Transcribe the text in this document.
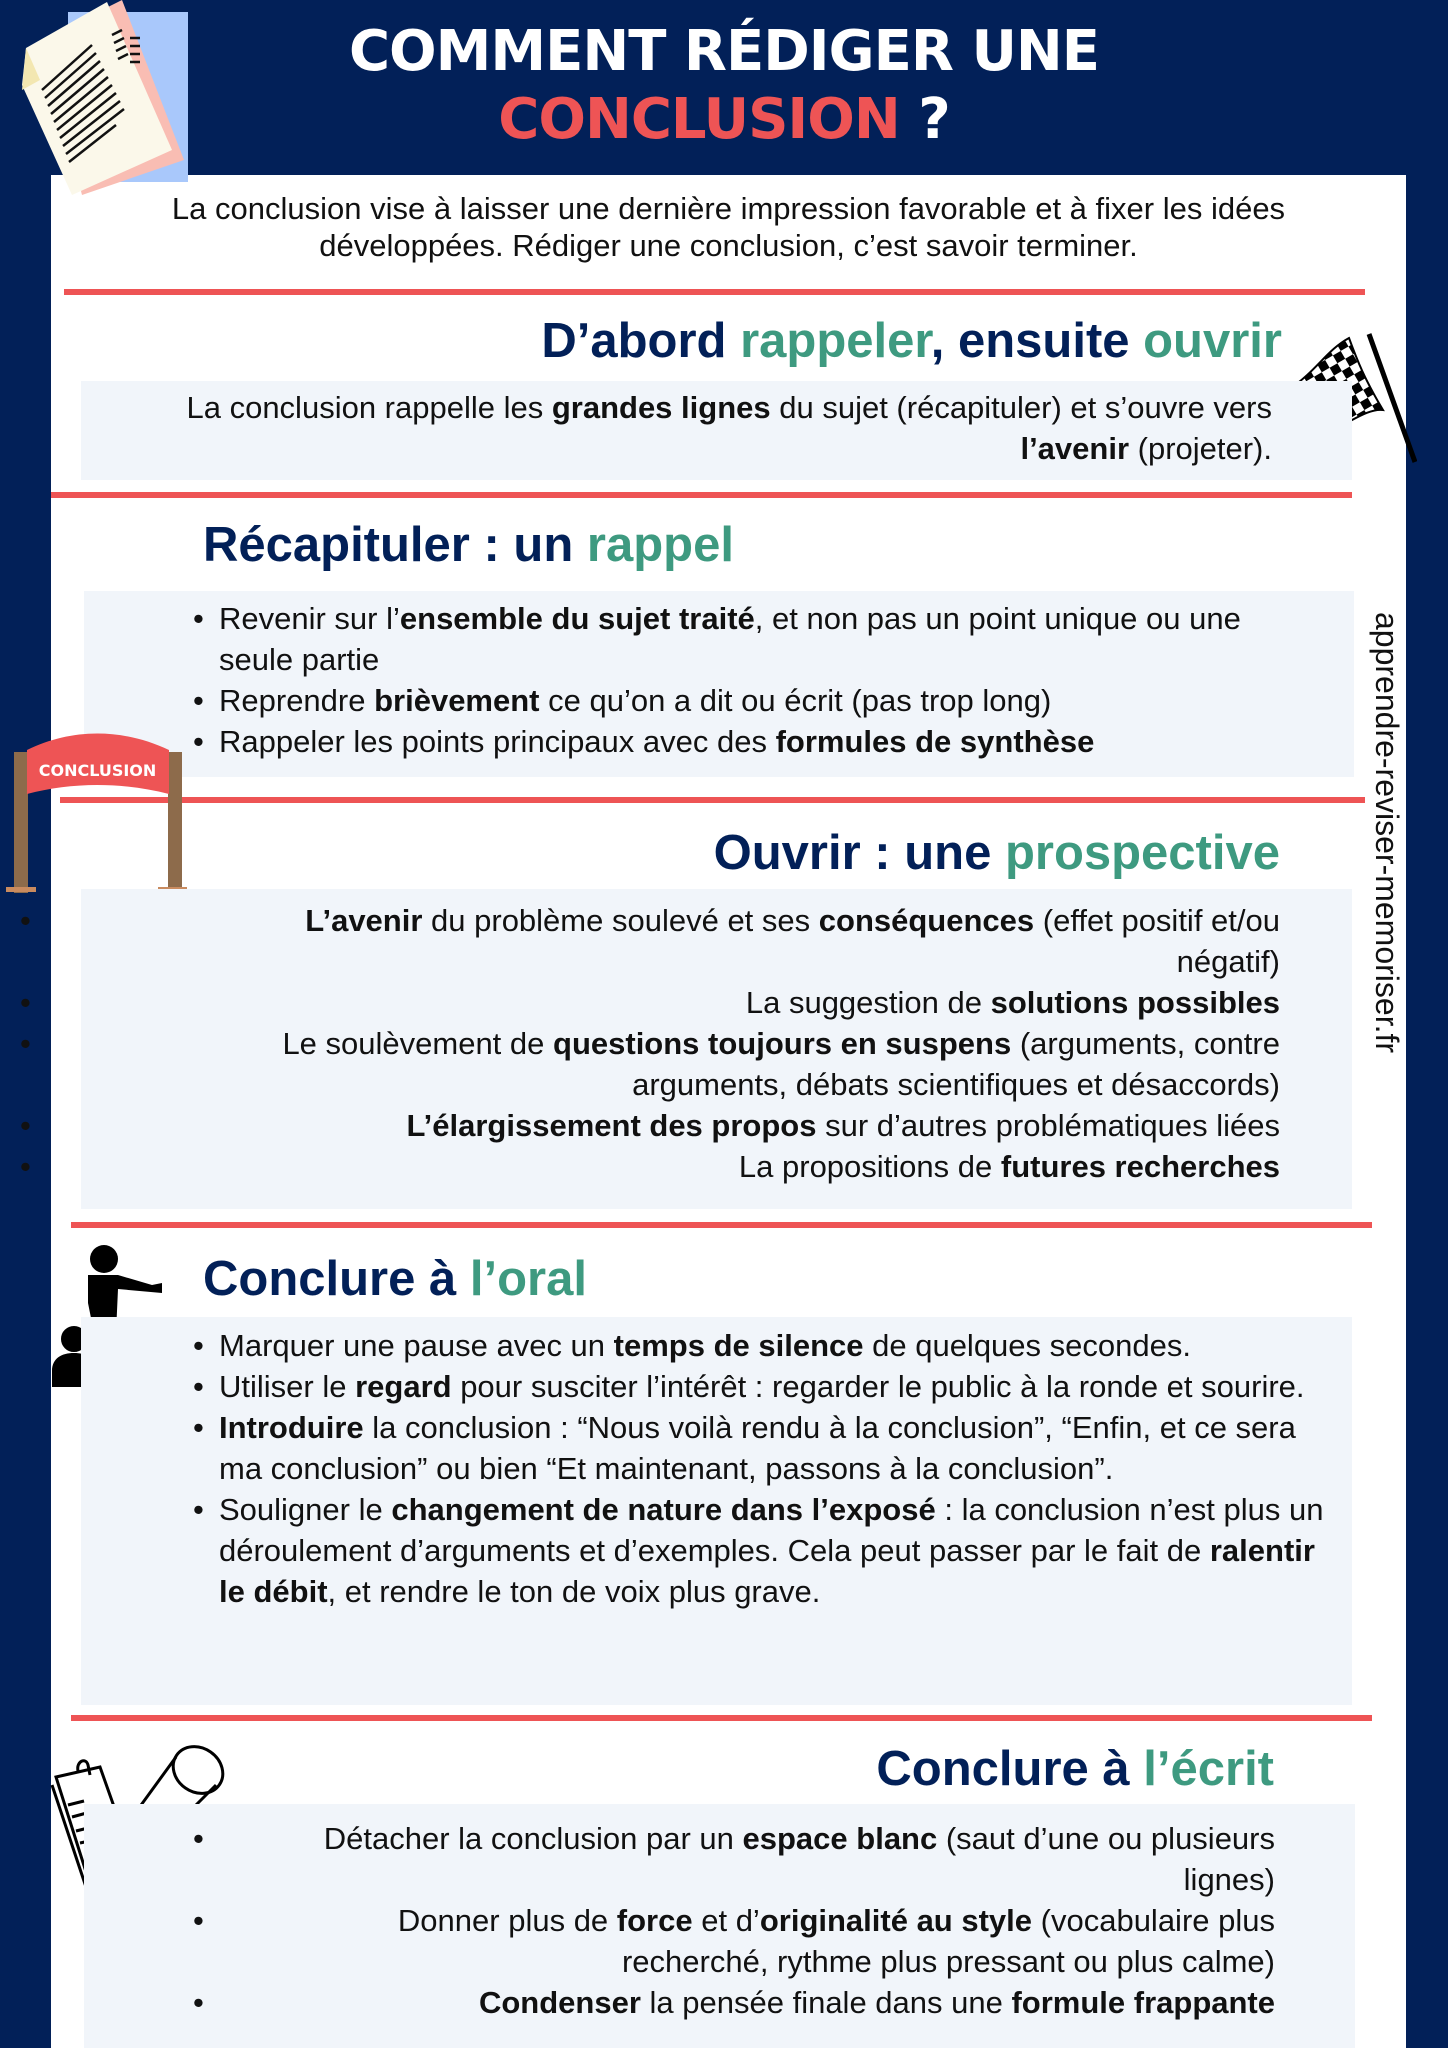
COMMENT RÉDIGER UNE
CONCLUSION ?
La conclusion vise à laisser une dernière impression favorable et à fixer les idées développées. Rédiger une conclusion, c’est savoir terminer.
D’abord rappeler, ensuite ouvrir
La conclusion rappelle les grandes lignes du sujet (récapituler) et s’ouvre vers l’avenir (projeter).
Récapituler : un rappel
• Revenir sur l’ensemble du sujet traité, et non pas un point unique ou une seule partie
• Reprendre brièvement ce qu’on a dit ou écrit (pas trop long)
• Rappeler les points principaux avec des formules de synthèse
CONCLUSION
Ouvrir : une prospective
•	L’avenir du problème soulevé et ses conséquences (effet positif et/ou négatif)
•	La suggestion de solutions possibles
•	Le soulèvement de questions toujours en suspens (arguments, contre arguments, débats scientifiques et désaccords)
•	L’élargissement des propos sur d’autres problématiques liées
•	La propositions de futures recherches
Conclure à l’oral
• Marquer une pause avec un temps de silence de quelques secondes.
• Utiliser le regard pour susciter l’intérêt : regarder le public à la ronde et sourire.
• Introduire la conclusion : “Nous voilà rendu à la conclusion”, “Enfin, et ce sera ma conclusion” ou bien “Et maintenant, passons à la conclusion”.
• Souligner le changement de nature dans l’exposé : la conclusion n’est plus un déroulement d’arguments et d’exemples. Cela peut passer par le fait de ralentir le débit, et rendre le ton de voix plus grave.
Conclure à l’écrit
•	Détacher la conclusion par un espace blanc (saut d’une ou plusieurs lignes)
•	Donner plus de force et d’originalité au style (vocabulaire plus recherché, rythme plus pressant ou plus calme)
•	Condenser la pensée finale dans une formule frappante
apprendre-reviser-memoriser.fr
